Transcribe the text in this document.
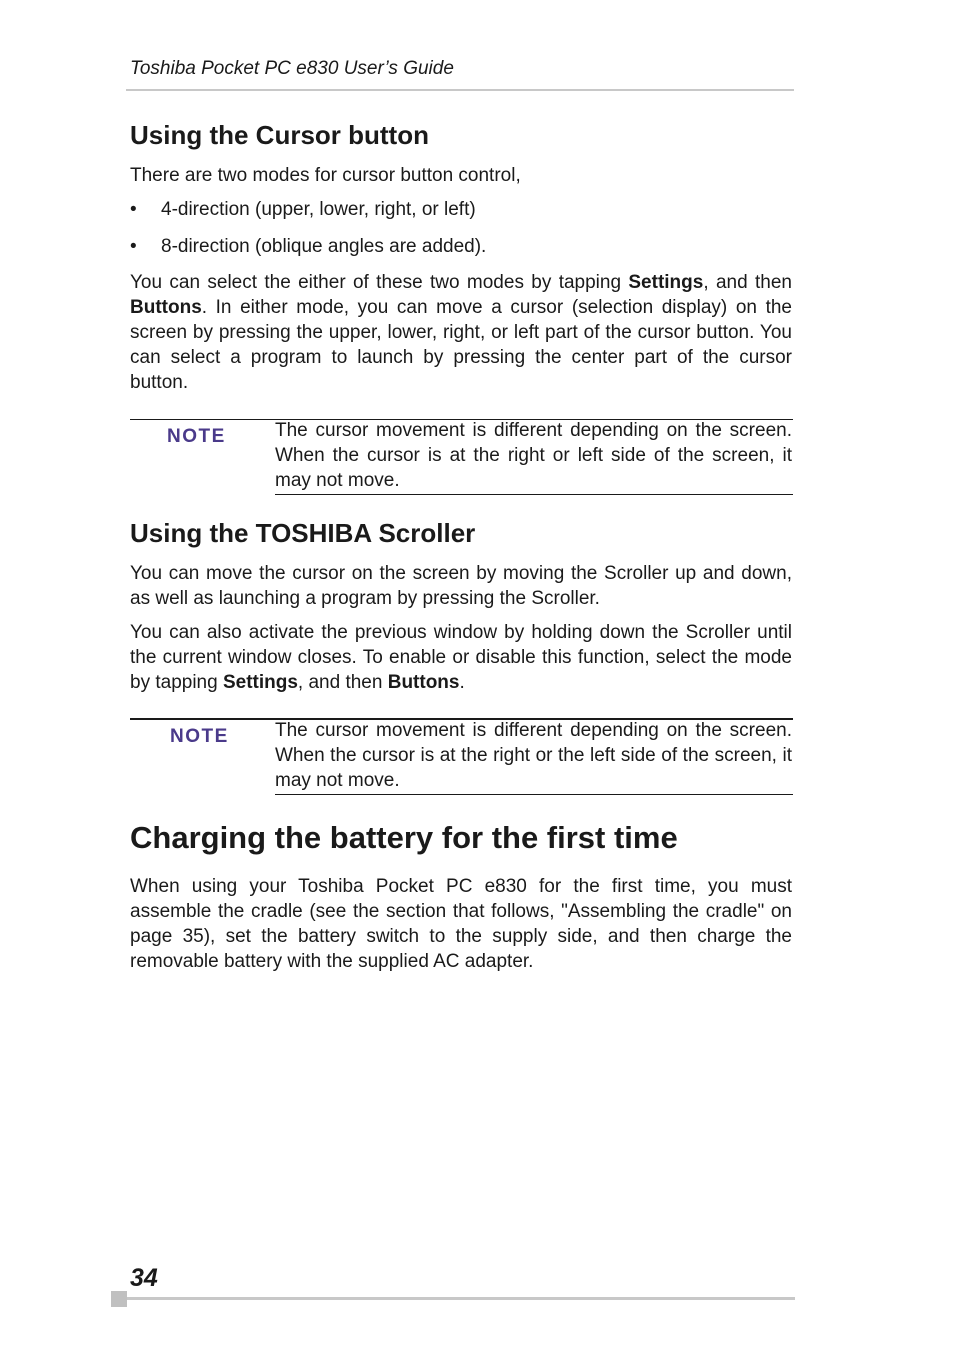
Toshiba Pocket PC e830 User’s Guide
Using the Cursor button
There are two modes for cursor button control,
• 4-direction (upper, lower, right, or left)
• 8-direction (oblique angles are added).
You can select the either of these two modes by tapping Settings, and then Buttons. In either mode, you can move a cursor (selection display) on the screen by pressing the upper, lower, right, or left part of the cursor button. You can select a program to launch by pressing the center part of the cursor button.
NOTE	The cursor movement is different depending on the screen. When the cursor is at the right or left side of the screen, it may not move.
Using the TOSHIBA Scroller
You can move the cursor on the screen by moving the Scroller up and down, as well as launching a program by pressing the Scroller.
You can also activate the previous window by holding down the Scroller until the current window closes. To enable or disable this function, select the mode by tapping Settings, and then Buttons.
NOTE The cursor movement is different depending on the screen. When the cursor is at the right or the left side of the screen, it may not move.
Charging the battery for the first time
When using your Toshiba Pocket PC e830 for the first time, you must assemble the cradle (see the section that follows, "Assembling the cradle" on page 35), set the battery switch to the supply side, and then charge the removable battery with the supplied AC adapter.
34
